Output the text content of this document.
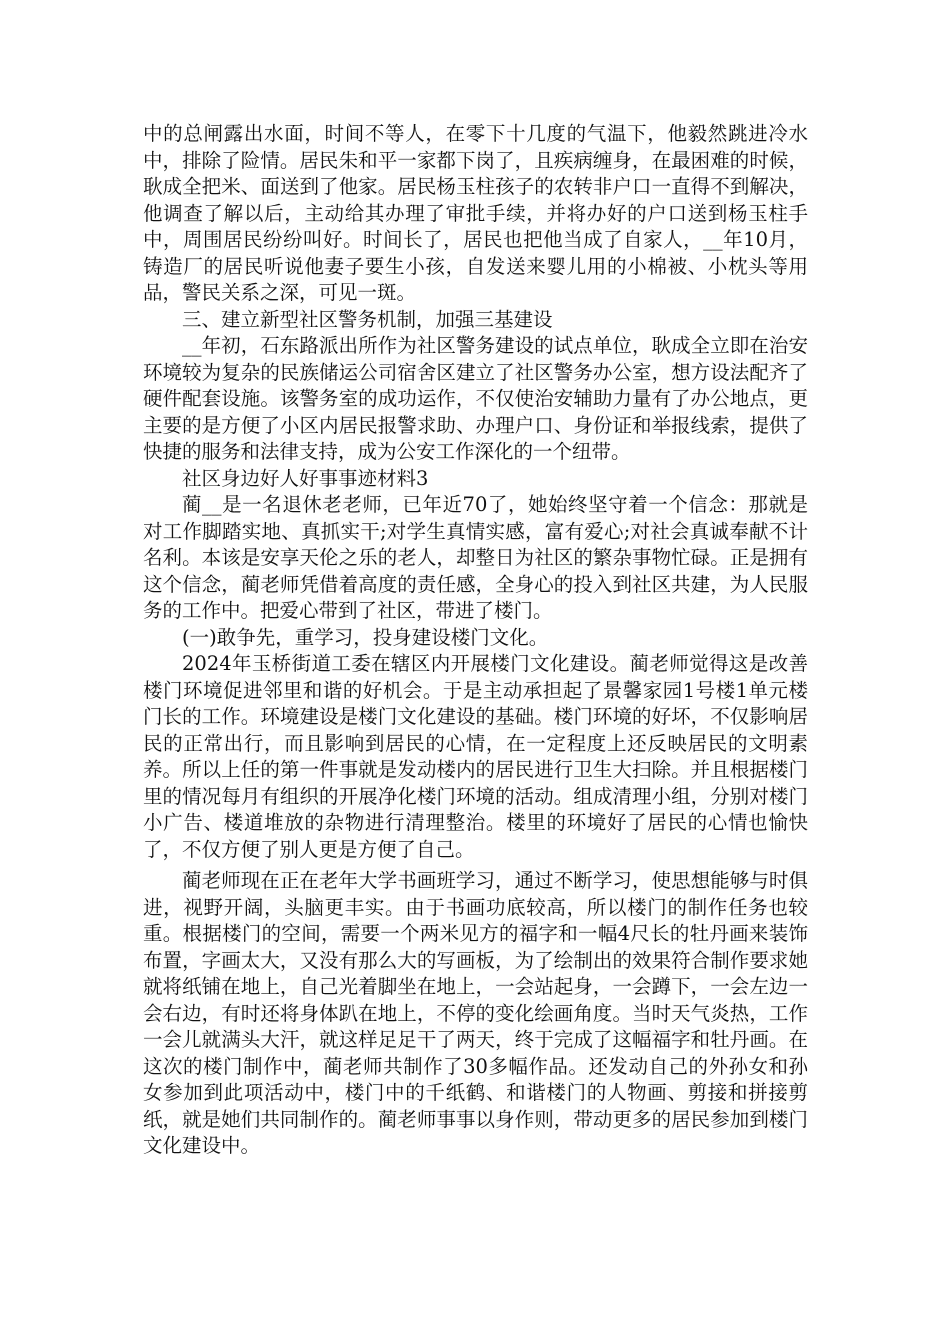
中的总闸露出水面，时间不等人，在零下十几度的气温下，他毅然跳进冷水中，排除了险情。居民朱和平一家都下岗了，且疾病缠身，在最困难的时候，耿成全把米、面送到了他家。居民杨玉柱孩子的农转非户口一直得不到解决，他调查了解以后，主动给其办理了审批手续，并将办好的户口送到杨玉柱手中，周围居民纷纷叫好。时间长了，居民也把他当成了自家人，__年10月，铸造厂的居民听说他妻子要生小孩，自发送来婴儿用的小棉被、小枕头等用品，警民关系之深，可见一斑。

三、建立新型社区警务机制，加强三基建设

__年初，石东路派出所作为社区警务建设的试点单位，耿成全立即在治安环境较为复杂的民族储运公司宿舍区建立了社区警务办公室，想方设法配齐了硬件配套设施。该警务室的成功运作，不仅使治安辅助力量有了办公地点，更主要的是方便了小区内居民报警求助、办理户口、身份证和举报线索，提供了快捷的服务和法律支持，成为公安工作深化的一个纽带。

社区身边好人好事事迹材料3

蔺__是一名退休老老师，已年近70了，她始终坚守着一个信念：那就是对工作脚踏实地、真抓实干;对学生真情实感，富有爱心;对社会真诚奉献不计名利。本该是安享天伦之乐的老人，却整日为社区的繁杂事物忙碌。正是拥有这个信念，蔺老师凭借着高度的责任感，全身心的投入到社区共建，为人民服务的工作中。把爱心带到了社区，带进了楼门。

(一)敢争先，重学习，投身建设楼门文化。

2024年玉桥街道工委在辖区内开展楼门文化建设。蔺老师觉得这是改善楼门环境促进邻里和谐的好机会。于是主动承担起了景馨家园1号楼1单元楼门长的工作。环境建设是楼门文化建设的基础。楼门环境的好坏，不仅影响居民的正常出行，而且影响到居民的心情，在一定程度上还反映居民的文明素养。所以上任的第一件事就是发动楼内的居民进行卫生大扫除。并且根据楼门里的情况每月有组织的开展净化楼门环境的活动。组成清理小组，分别对楼门小广告、楼道堆放的杂物进行清理整治。楼里的环境好了居民的心情也愉快了，不仅方便了别人更是方便了自己。

蔺老师现在正在老年大学书画班学习，通过不断学习，使思想能够与时俱进，视野开阔，头脑更丰实。由于书画功底较高，所以楼门的制作任务也较重。根据楼门的空间，需要一个两米见方的福字和一幅4尺长的牡丹画来装饰布置，字画太大，又没有那么大的写画板，为了绘制出的效果符合制作要求她就将纸铺在地上，自己光着脚坐在地上，一会站起身，一会蹲下，一会左边一会右边，有时还将身体趴在地上，不停的变化绘画角度。当时天气炎热，工作一会儿就满头大汗，就这样足足干了两天，终于完成了这幅福字和牡丹画。在这次的楼门制作中，蔺老师共制作了30多幅作品。还发动自己的外孙女和孙女参加到此项活动中，楼门中的千纸鹤、和谐楼门的人物画、剪接和拼接剪纸，就是她们共同制作的。蔺老师事事以身作则，带动更多的居民参加到楼门文化建设中。
